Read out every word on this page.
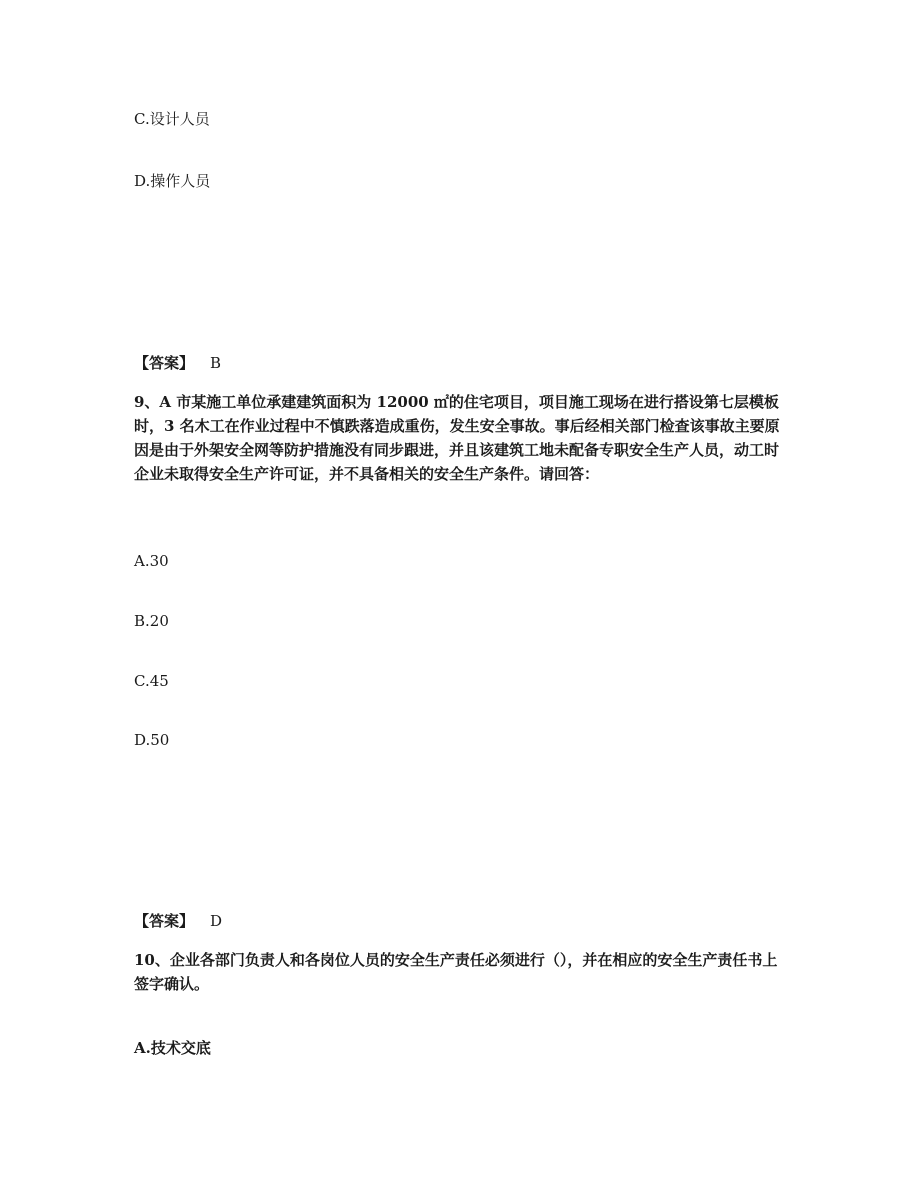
C.设计人员
D.操作人员
【答案】 B
9、A 市某施工单位承建建筑面积为 12000 ㎡的住宅项目，项目施工现场在进行搭设第七层模板时，3 名木工在作业过程中不慎跌落造成重伤，发生安全事故。事后经相关部门检查该事故主要原因是由于外架安全网等防护措施没有同步跟进，并且该建筑工地未配备专职安全生产人员，动工时企业未取得安全生产许可证，并不具备相关的安全生产条件。请回答：
A.30
B.20
C.45
D.50
【答案】 D
10、企业各部门负责人和各岗位人员的安全生产责任必须进行（），并在相应的安全生产责任书上签字确认。
A.技术交底
